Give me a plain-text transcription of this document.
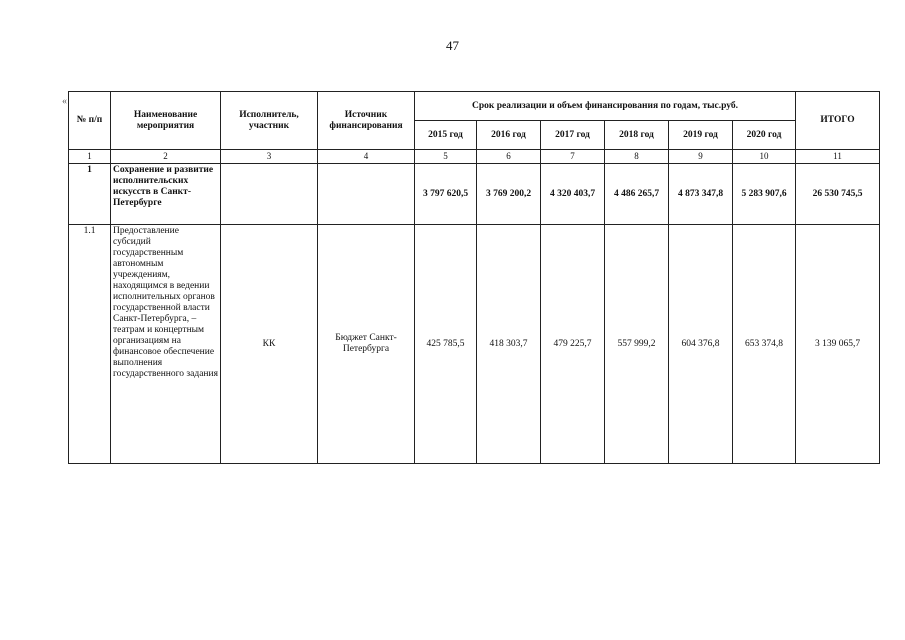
47
«
№ п/п	Наименование мероприятия	Исполнитель, участник	Источник финансирования	Срок реализации и объем финансирования по годам, тыс.руб.						ИТОГО
				2015 год	2016 год	2017 год	2018 год	2019 год	2020 год	
1	2	3	4	5	6	7	8	9	10	11
1	Сохранение и развитие исполнительских искусств в Санкт-Петербурге			3 797 620,5	3 769 200,2	4 320 403,7	4 486 265,7	4 873 347,8	5 283 907,6	26 530 745,5
1.1	Предоставление субсидий государственным автономным учреждениям, находящимся в ведении исполнительных органов государственной власти Санкт-Петербурга, – театрам и концертным организациям на финансовое обеспечение выполнения государственного задания	КК	Бюджет Санкт-Петербурга	425 785,5	418 303,7	479 225,7	557 999,2	604 376,8	653 374,8	3 139 065,7
